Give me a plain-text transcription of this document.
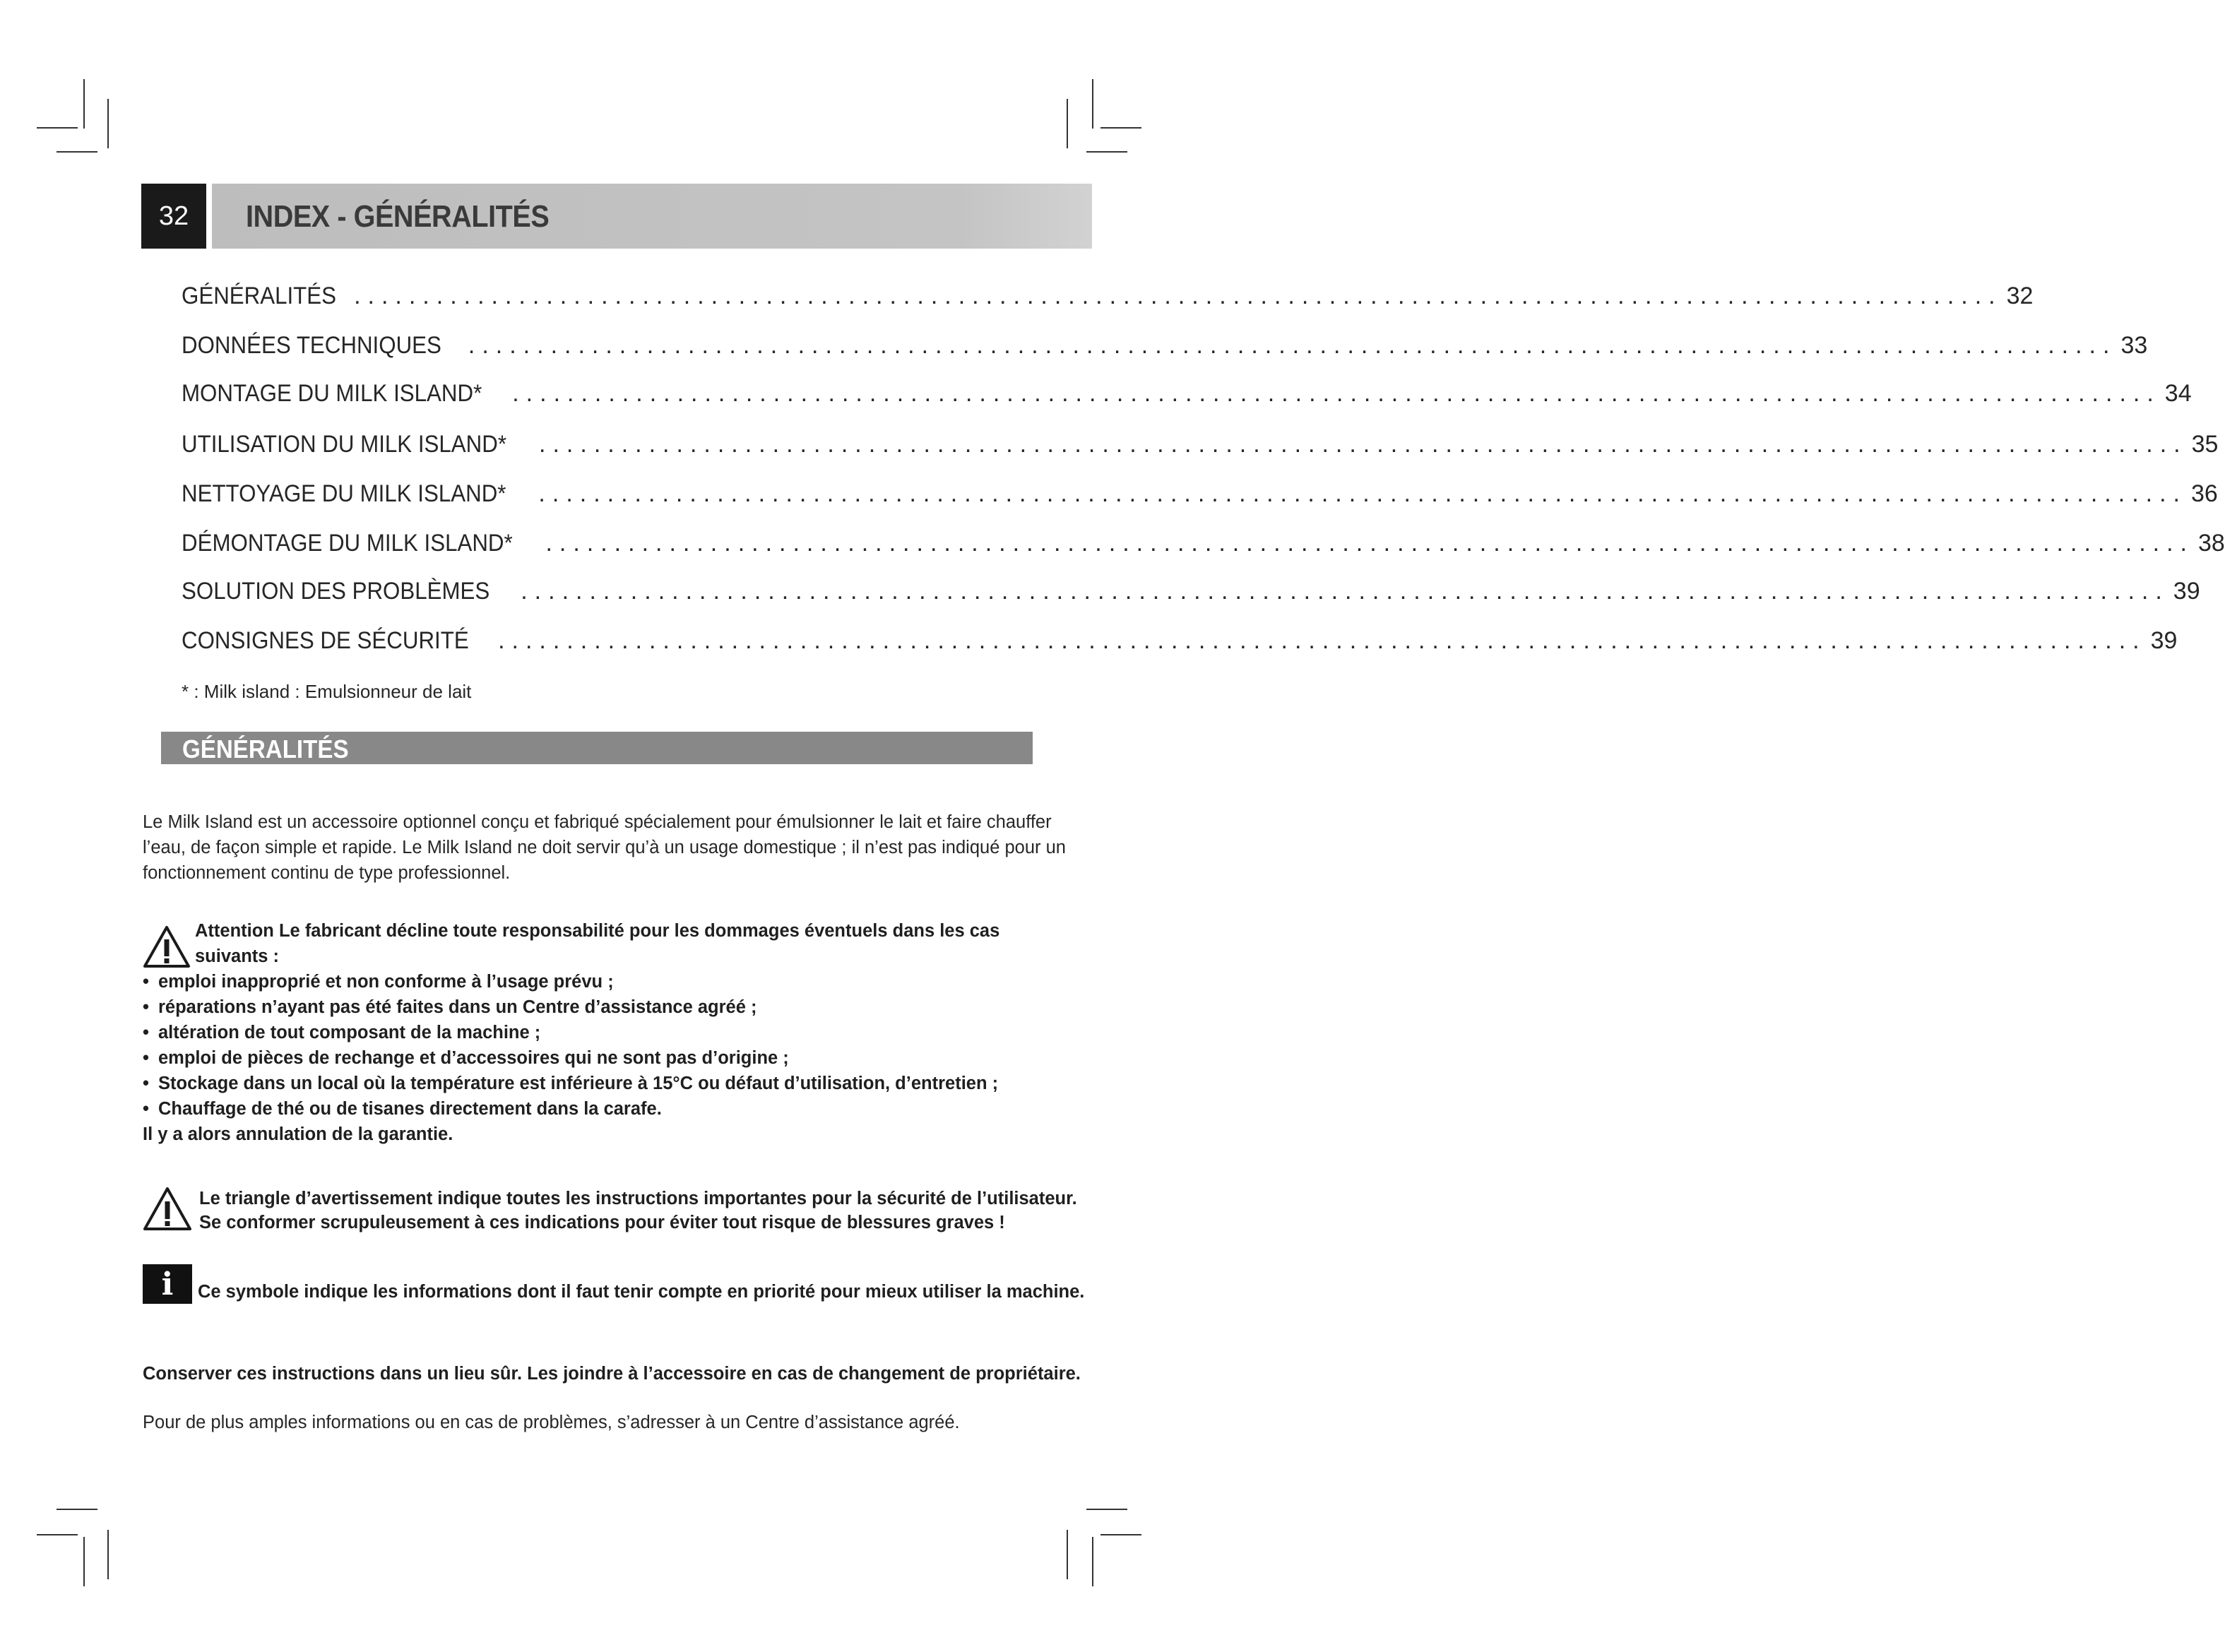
32	INDEX - GÉNÉRALITÉS
GÉNÉRALITÉS ........................................................................................................................ 32
DONNÉES TECHNIQUES ........................................................................................................................ 33
MONTAGE DU MILK ISLAND* ........................................................................................................................ 34
UTILISATION DU MILK ISLAND* ........................................................................................................................ 35
NETTOYAGE DU MILK ISLAND* ........................................................................................................................ 36
DÉMONTAGE DU MILK ISLAND* ........................................................................................................................ 38
SOLUTION DES PROBLÈMES ........................................................................................................................ 39
CONSIGNES DE SÉCURITÉ ........................................................................................................................ 39
* : Milk island : Emulsionneur de lait
GÉNÉRALITÉS
Le Milk Island est un accessoire optionnel conçu et fabriqué spécialement pour émulsionner le lait et faire chauffer
l’eau, de façon simple et rapide. Le Milk Island ne doit servir qu’à un usage domestique ; il n’est pas indiqué pour un
fonctionnement continu de type professionnel.
Attention Le fabricant décline toute responsabilité pour les dommages éventuels dans les cas suivants :
• emploi inapproprié et non conforme à l’usage prévu ;
• réparations n’ayant pas été faites dans un Centre d’assistance agréé ;
• altération de tout composant de la machine ;
• emploi de pièces de rechange et d’accessoires qui ne sont pas d’origine ;
• Stockage dans un local où la température est inférieure à 15°C ou défaut d’utilisation, d’entretien ;
• Chauffage de thé ou de tisanes directement dans la carafe.
Il y a alors annulation de la garantie.
Le triangle d’avertissement indique toutes les instructions importantes pour la sécurité de l’utilisateur.
Se conformer scrupuleusement à ces indications pour éviter tout risque de blessures graves !
i	Ce symbole indique les informations dont il faut tenir compte en priorité pour mieux utiliser la machine.
Conserver ces instructions dans un lieu sûr. Les joindre à l’accessoire en cas de changement de propriétaire.
Pour de plus amples informations ou en cas de problèmes, s’adresser à un Centre d’assistance agréé.
